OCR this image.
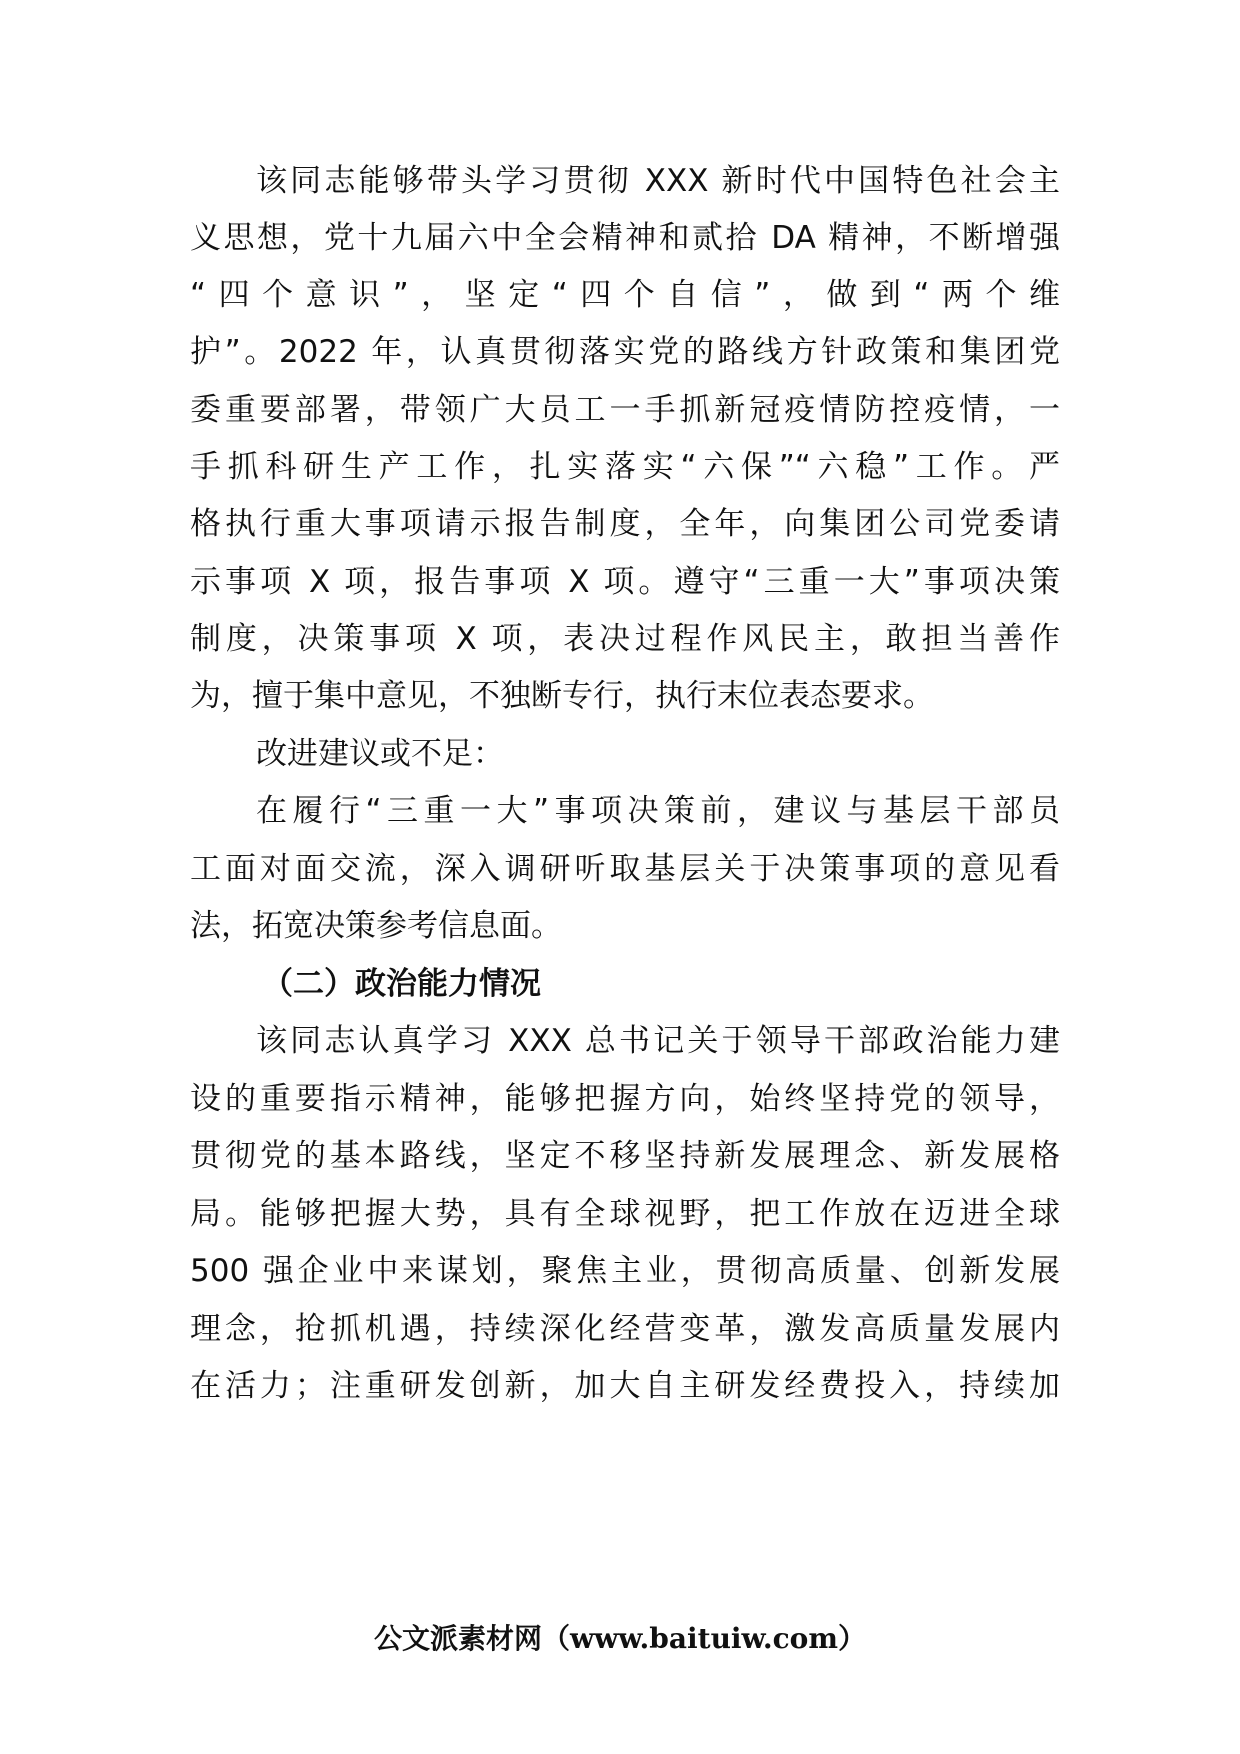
该同志能够带头学习贯彻 XXX 新时代中国特色社会主
义思想，党十九届六中全会精神和贰拾 DA 精神，不断增强
“四个意识”，坚定“四个自信”，做到“两个维
护”。2022 年，认真贯彻落实党的路线方针政策和集团党
委重要部署，带领广大员工一手抓新冠疫情防控疫情，一
手抓科研生产工作，扎实落实“六保”“六稳”工作。严
格执行重大事项请示报告制度，全年，向集团公司党委请
示事项 X 项，报告事项 X 项。遵守“三重一大”事项决策
制度，决策事项 X 项，表决过程作风民主，敢担当善作
为，擅于集中意见，不独断专行，执行末位表态要求。
改进建议或不足：
在履行“三重一大”事项决策前，建议与基层干部员
工面对面交流，深入调研听取基层关于决策事项的意见看
法，拓宽决策参考信息面。
（二）政治能力情况
该同志认真学习 XXX 总书记关于领导干部政治能力建
设的重要指示精神，能够把握方向，始终坚持党的领导，
贯彻党的基本路线，坚定不移坚持新发展理念、新发展格
局。能够把握大势，具有全球视野，把工作放在迈进全球
500 强企业中来谋划，聚焦主业，贯彻高质量、创新发展
理念，抢抓机遇，持续深化经营变革，激发高质量发展内
在活力；注重研发创新，加大自主研发经费投入，持续加
公文派素材网（www.baituiw.com）
